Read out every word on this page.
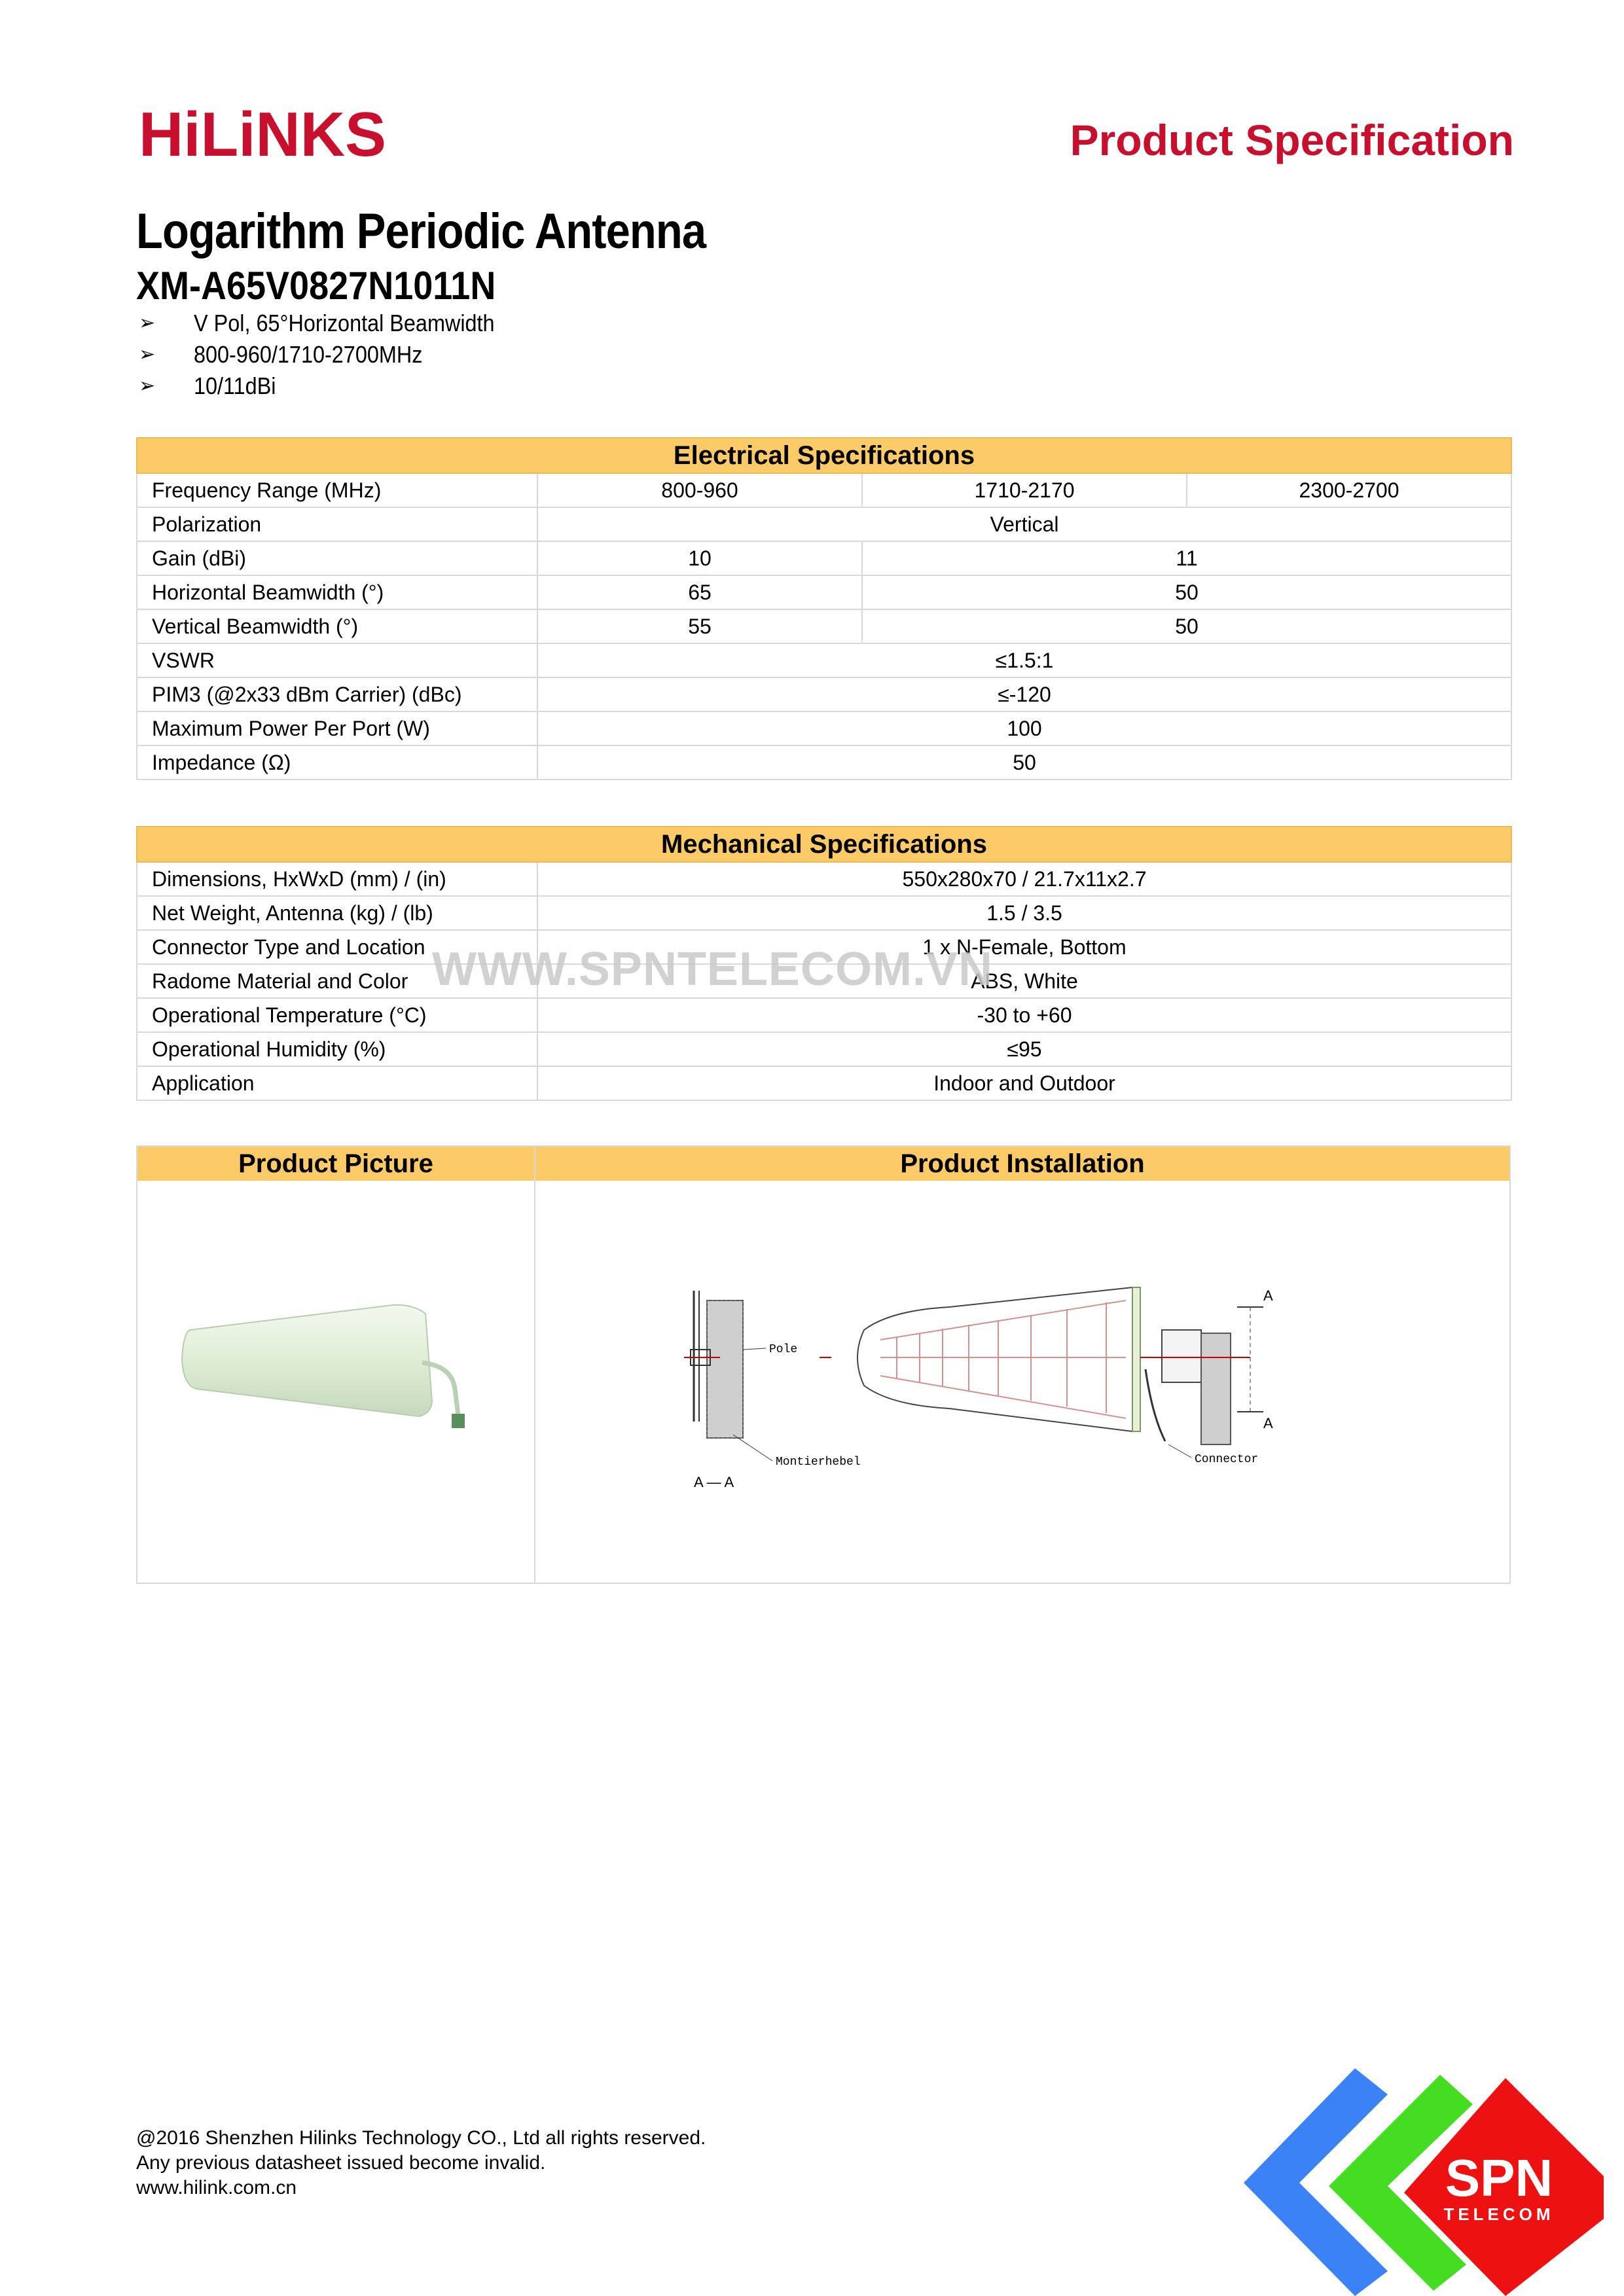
HiLiNKS	Product Specification
Logarithm Periodic Antenna
XM-A65V0827N1011N
➢ V Pol, 65°Horizontal Beamwidth
➢ 800-960/1710-2700MHz
➢ 10/11dBi
Electrical Specifications			
Frequency Range (MHz)	800-960	1710-2170	2300-2700
Polarization	Vertical		
Gain (dBi)	10	11	
Horizontal Beamwidth (°)	65	50	
Vertical Beamwidth (°)	55	50	
VSWR	≤1.5:1		
PIM3 (@2x33 dBm Carrier) (dBc)	≤-120		
Maximum Power Per Port (W)	100		
Impedance (Ω)	50		
Mechanical Specifications	
Dimensions, HxWxD (mm) / (in)	550x280x70 / 21.7x11x2.7
Net Weight, Antenna (kg) / (lb)	1.5 / 3.5
Connector Type and Location	1 x N-Female, Bottom
Radome Material and Color	ABS, White
Operational Temperature (°C)	-30 to +60
Operational Humidity (%)	≤95
Application	Indoor and Outdoor
WWW.SPNTELECOM.VN
Product Picture	Product Installation
Pole
Montierhebel
A — A
Connector
A
A
@2016 Shenzhen Hilinks Technology CO., Ltd all rights reserved.
Any previous datasheet issued become invalid.
www.hilink.com.cn	SPN
TELECOM
